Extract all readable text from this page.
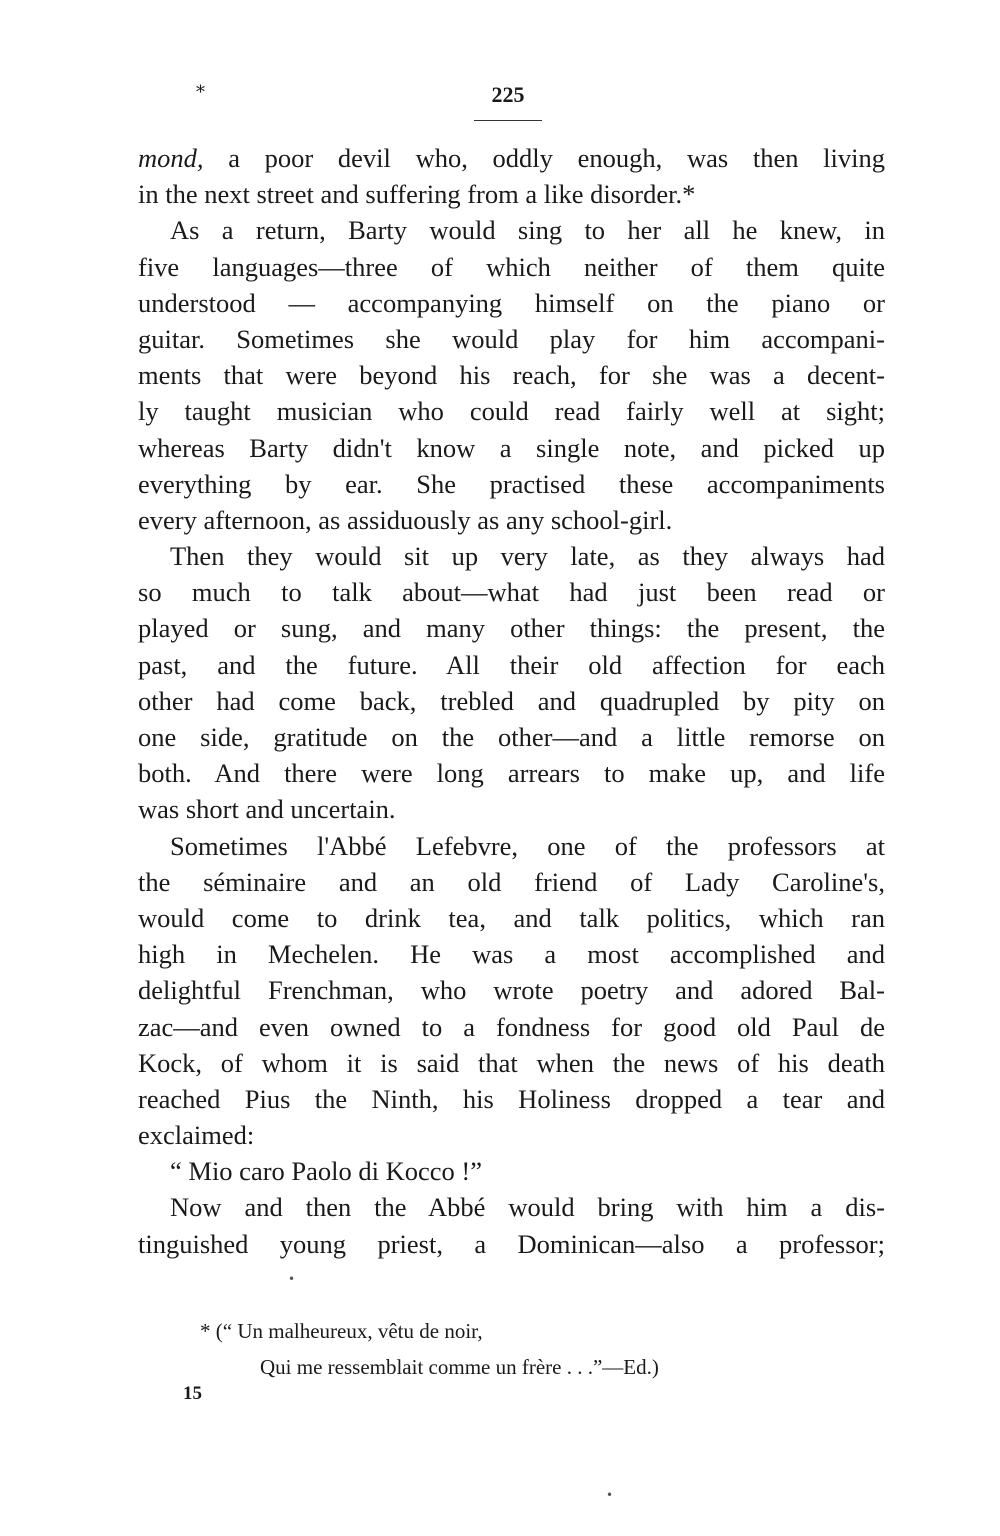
*	225
mond, a poor devil who, oddly enough, was then living
in the next street and suffering from a like disorder.*
As a return, Barty would sing to her all he knew, in
five languages—three of which neither of them quite
understood — accompanying himself on the piano or
guitar. Sometimes she would play for him accompani-
ments that were beyond his reach, for she was a decent-
ly taught musician who could read fairly well at sight;
whereas Barty didn't know a single note, and picked up
everything by ear. She practised these accompaniments
every afternoon, as assiduously as any school-girl.
Then they would sit up very late, as they always had
so much to talk about—what had just been read or
played or sung, and many other things: the present, the
past, and the future. All their old affection for each
other had come back, trebled and quadrupled by pity on
one side, gratitude on the other—and a little remorse on
both. And there were long arrears to make up, and life
was short and uncertain.
Sometimes l'Abbé Lefebvre, one of the professors at
the séminaire and an old friend of Lady Caroline's,
would come to drink tea, and talk politics, which ran
high in Mechelen. He was a most accomplished and
delightful Frenchman, who wrote poetry and adored Bal-
zac—and even owned to a fondness for good old Paul de
Kock, of whom it is said that when the news of his death
reached Pius the Ninth, his Holiness dropped a tear and
exclaimed:
“ Mio caro Paolo di Kocco !”
Now and then the Abbé would bring with him a dis-
tinguished young priest, a Dominican—also a professor;
* (“ Un malheureux, vêtu de noir,
Qui me ressemblait comme un frère . . .”—Ed.)
15
•
•
